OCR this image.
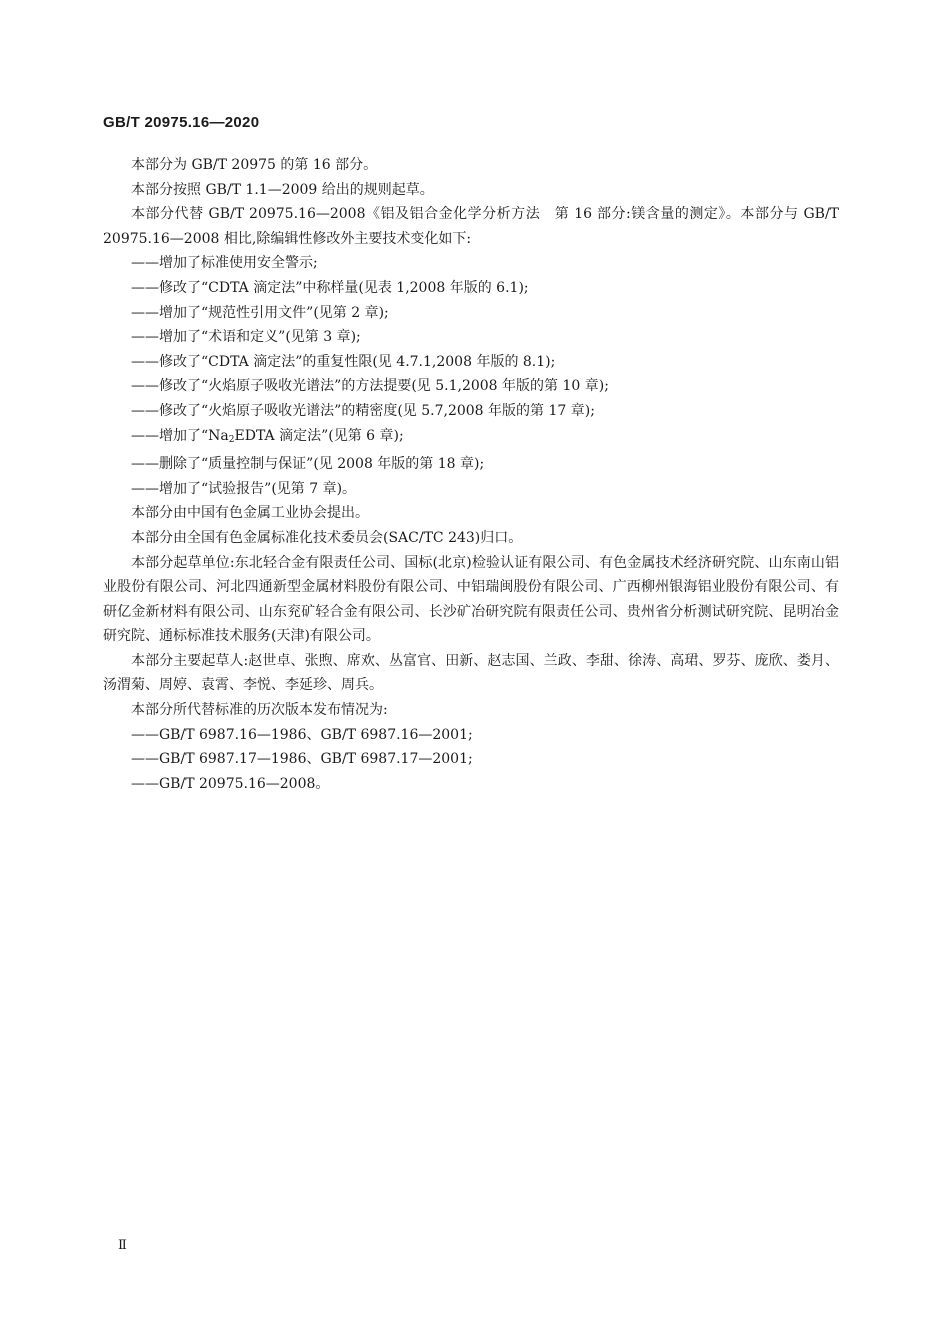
GB/T 20975.16—2020

本部分为 GB/T 20975 的第 16 部分。

本部分按照 GB/T 1.1—2009 给出的规则起草。

本部分代替 GB/T 20975.16—2008《铝及铝合金化学分析方法　第 16 部分:镁含量的测定》。本部分与 GB/T 20975.16—2008 相比,除编辑性修改外主要技术变化如下:

——增加了标准使用安全警示;

——修改了“CDTA 滴定法”中称样量(见表 1,2008 年版的 6.1);

——增加了“规范性引用文件”(见第 2 章);

——增加了“术语和定义”(见第 3 章);

——修改了“CDTA 滴定法”的重复性限(见 4.7.1,2008 年版的 8.1);

——修改了“火焰原子吸收光谱法”的方法提要(见 5.1,2008 年版的第 10 章);

——修改了“火焰原子吸收光谱法”的精密度(见 5.7,2008 年版的第 17 章);

——增加了“$Na_2EDTA$ 滴定法”(见第 6 章);

——删除了“质量控制与保证”(见 2008 年版的第 18 章);

——增加了“试验报告”(见第 7 章)。

本部分由中国有色金属工业协会提出。

本部分由全国有色金属标准化技术委员会(SAC/TC 243)归口。

本部分起草单位:东北轻合金有限责任公司、国标(北京)检验认证有限公司、有色金属技术经济研究院、山东南山铝业股份有限公司、河北四通新型金属材料股份有限公司、中铝瑞闽股份有限公司、广西柳州银海铝业股份有限公司、有研亿金新材料有限公司、山东兖矿轻合金有限公司、长沙矿冶研究院有限责任公司、贵州省分析测试研究院、昆明冶金研究院、通标标准技术服务(天津)有限公司。

本部分主要起草人:赵世卓、张煦、席欢、丛富官、田新、赵志国、兰政、李甜、徐涛、高珺、罗芬、庞欣、娄月、汤渭菊、周婷、袁霄、李悦、李延珍、周兵。

本部分所代替标准的历次版本发布情况为:

——GB/T 6987.16—1986、GB/T 6987.16—2001;

——GB/T 6987.17—1986、GB/T 6987.17—2001;

——GB/T 20975.16—2008。

Ⅱ
